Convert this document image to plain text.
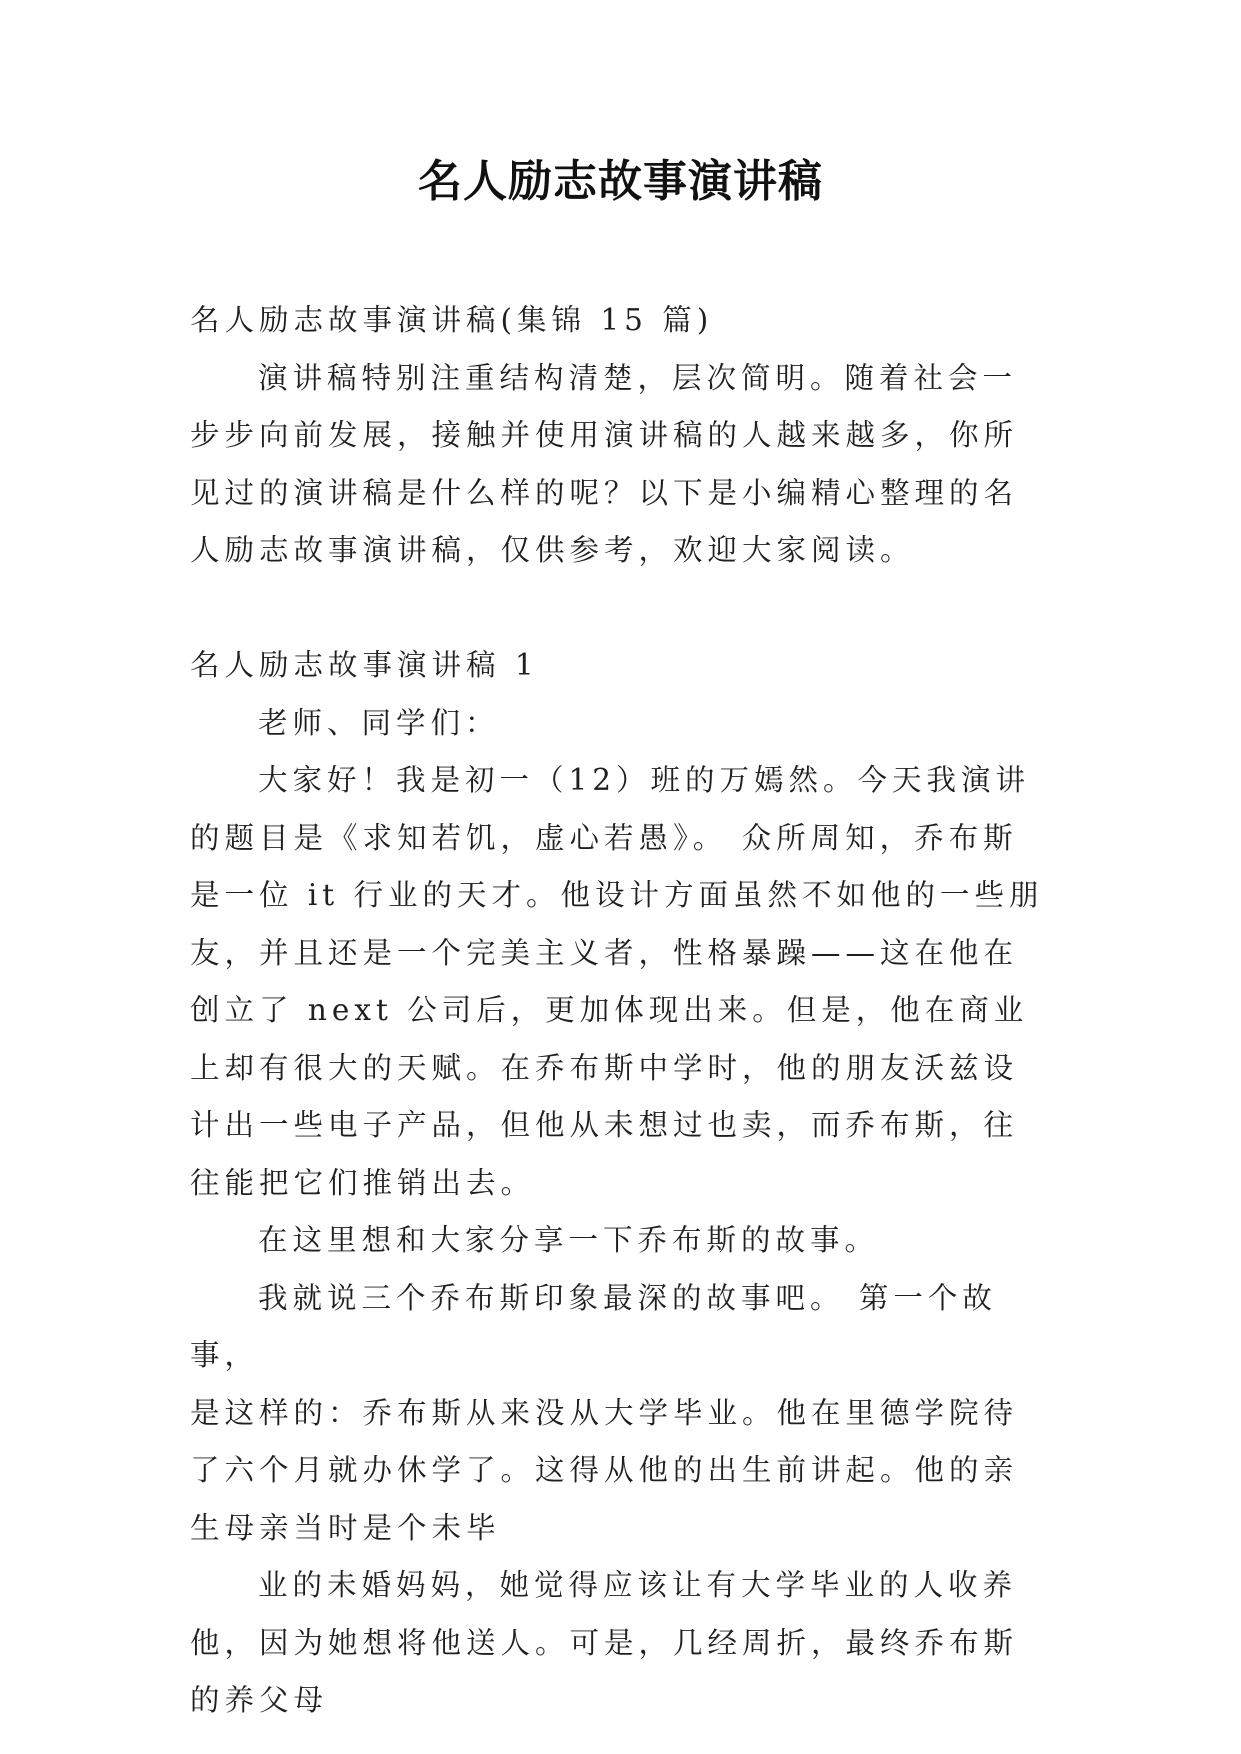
名人励志故事演讲稿

名人励志故事演讲稿(集锦 15 篇)

演讲稿特别注重结构清楚，层次简明。随着社会一步步向前发展，接触并使用演讲稿的人越来越多，你所见过的演讲稿是什么样的呢？以下是小编精心整理的名人励志故事演讲稿，仅供参考，欢迎大家阅读。

名人励志故事演讲稿 1

老师、同学们：

大家好！我是初一（12）班的万嫣然。今天我演讲的题目是《求知若饥，虚心若愚》。 众所周知，乔布斯是一位 it 行业的天才。他设计方面虽然不如他的一些朋友，并且还是一个完美主义者，性格暴躁——这在他在创立了 next 公司后，更加体现出来。但是，他在商业上却有很大的天赋。在乔布斯中学时，他的朋友沃兹设计出一些电子产品，但他从未想过也卖，而乔布斯，往往能把它们推销出去。

在这里想和大家分享一下乔布斯的故事。

我就说三个乔布斯印象最深的故事吧。 第一个故事，

是这样的：乔布斯从来没从大学毕业。他在里德学院待了六个月就办休学了。这得从他的出生前讲起。他的亲生母亲当时是个未毕

业的未婚妈妈，她觉得应该让有大学毕业的人收养他，因为她想将他送人。可是，几经周折，最终乔布斯的养父母
